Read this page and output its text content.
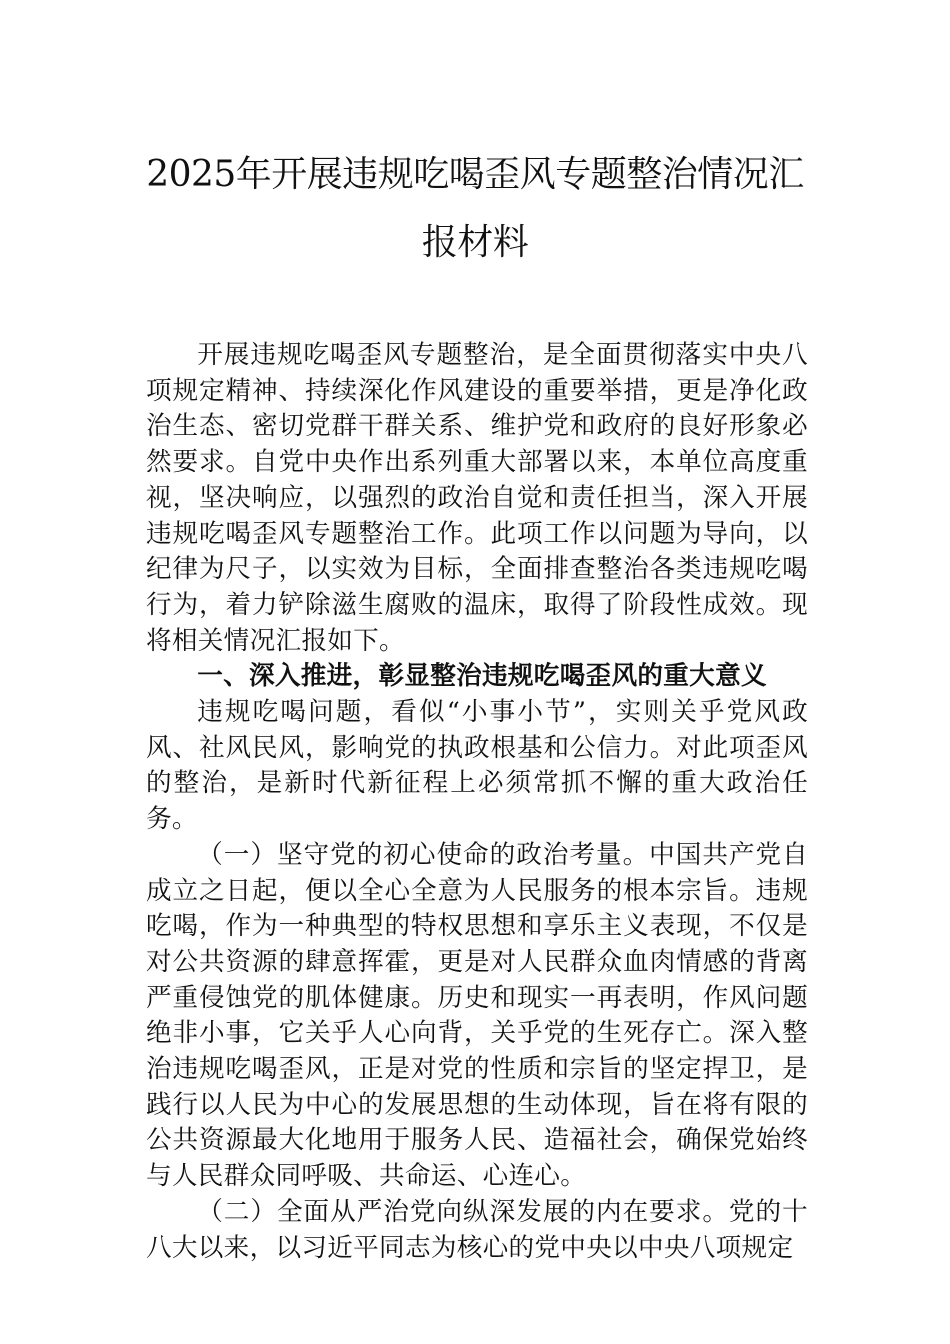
2025年开展违规吃喝歪风专题整治情况汇
报材料

开展违规吃喝歪风专题整治，是全面贯彻落实中央八项规定精神、持续深化作风建设的重要举措，更是净化政治生态、密切党群干群关系、维护党和政府的良好形象必然要求。自党中央作出系列重大部署以来，本单位高度重视，坚决响应，以强烈的政治自觉和责任担当，深入开展违规吃喝歪风专题整治工作。此项工作以问题为导向，以纪律为尺子，以实效为目标，全面排查整治各类违规吃喝行为，着力铲除滋生腐败的温床，取得了阶段性成效。现将相关情况汇报如下。

一、深入推进，彰显整治违规吃喝歪风的重大意义

违规吃喝问题，看似“小事小节”，实则关乎党风政风、社风民风，影响党的执政根基和公信力。对此项歪风的整治，是新时代新征程上必须常抓不懈的重大政治任务。

（一）坚守党的初心使命的政治考量。中国共产党自成立之日起，便以全心全意为人民服务的根本宗旨。违规吃喝，作为一种典型的特权思想和享乐主义表现，不仅是对公共资源的肆意挥霍，更是对人民群众血肉情感的背离严重侵蚀党的肌体健康。历史和现实一再表明，作风问题绝非小事，它关乎人心向背，关乎党的生死存亡。深入整治违规吃喝歪风，正是对党的性质和宗旨的坚定捍卫，是践行以人民为中心的发展思想的生动体现，旨在将有限的公共资源最大化地用于服务人民、造福社会，确保党始终与人民群众同呼吸、共命运、心连心。

（二）全面从严治党向纵深发展的内在要求。党的十八大以来，以习近平同志为核心的党中央以中央八项规定
